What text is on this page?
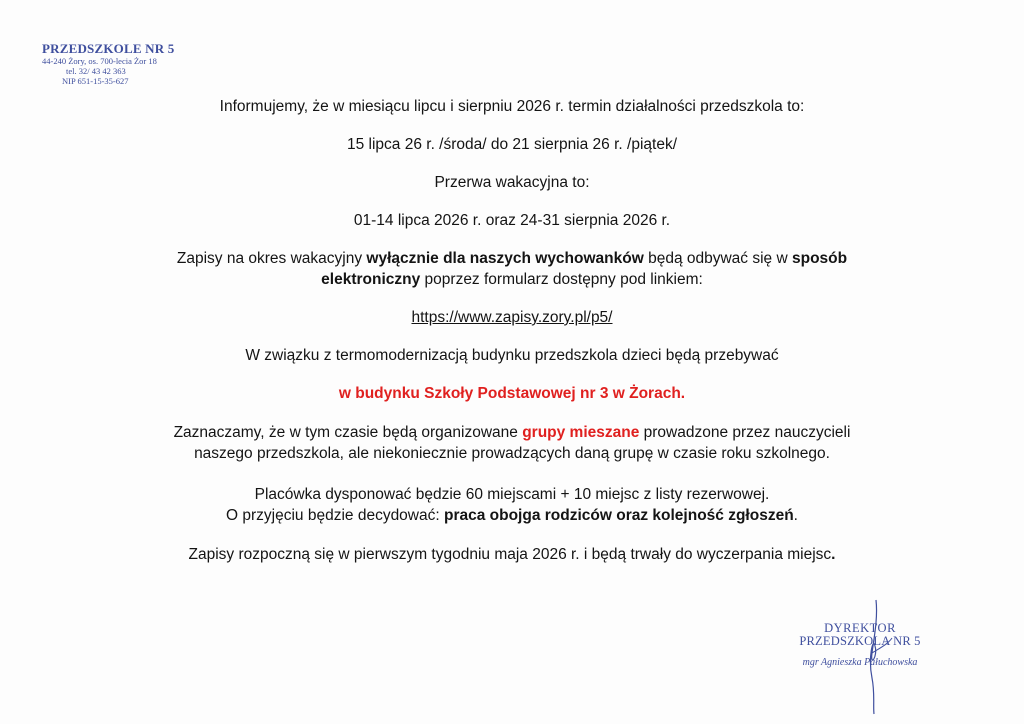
PRZEDSZKOLE NR 5
44-240 Żory, os. 700-lecia Żor 18
tel. 32/ 43 42 363
NIP 651-15-35-627
Informujemy, że w miesiącu lipcu i sierpniu 2026 r. termin działalności przedszkola to:
15 lipca 26 r. /środa/ do 21 sierpnia 26 r. /piątek/
Przerwa wakacyjna to:
01-14 lipca 2026 r. oraz 24-31 sierpnia 2026 r.
Zapisy na okres wakacyjny wyłącznie dla naszych wychowanków będą odbywać się w sposób
elektroniczny poprzez formularz dostępny pod linkiem:
https://www.zapisy.zory.pl/p5/
W związku z termomodernizacją budynku przedszkola dzieci będą przebywać
w budynku Szkoły Podstawowej nr 3 w Żorach.
Zaznaczamy, że w tym czasie będą organizowane grupy mieszane prowadzone przez nauczycieli
naszego przedszkola, ale niekoniecznie prowadzących daną grupę w czasie roku szkolnego.
Placówka dysponować będzie 60 miejscami + 10 miejsc z listy rezerwowej.
O przyjęciu będzie decydować: praca obojga rodziców oraz kolejność zgłoszeń.
Zapisy rozpoczną się w pierwszym tygodniu maja 2026 r. i będą trwały do wyczerpania miejsc.
DYREKTOR
PRZEDSZKOLA NR 5
mgr Agnieszka Pałuchowska
